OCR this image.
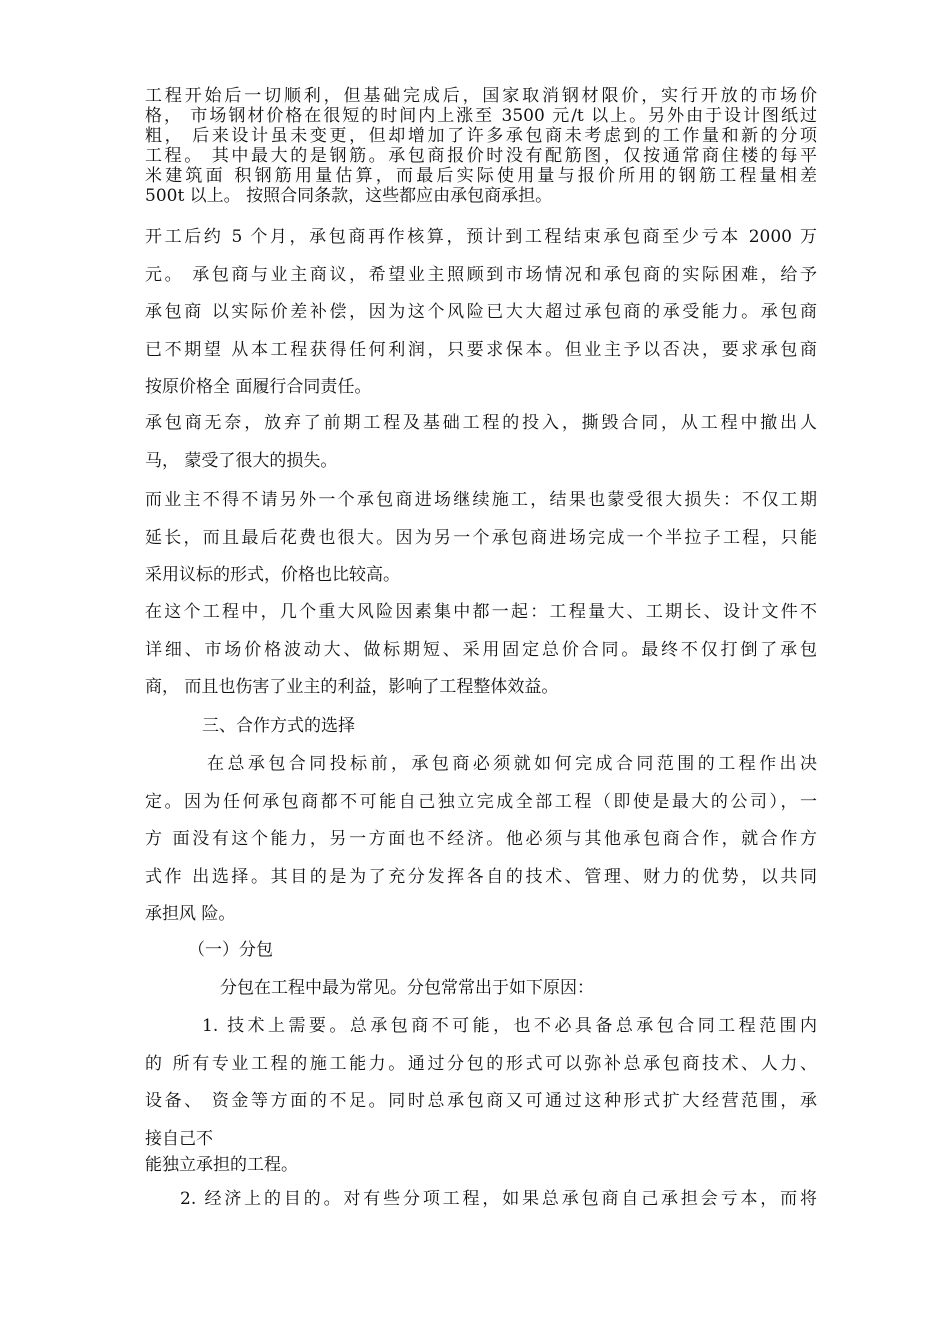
工程开始后一切顺利，但基础完成后，国家取消钢材限价，实行开放的市场价
格， 市场钢材价格在很短的时间内上涨至 3500 元/t 以上。另外由于设计图纸过
粗， 后来设计虽未变更，但却增加了许多承包商未考虑到的工作量和新的分项
工程。 其中最大的是钢筋。承包商报价时没有配筋图，仅按通常商住楼的每平
米建筑面 积钢筋用量估算，而最后实际使用量与报价所用的钢筋工程量相差
500t 以上。 按照合同条款，这些都应由承包商承担。
开工后约 5 个月，承包商再作核算，预计到工程结束承包商至少亏本 2000 万
元。 承包商与业主商议，希望业主照顾到市场情况和承包商的实际困难，给予
承包商 以实际价差补偿，因为这个风险已大大超过承包商的承受能力。承包商
已不期望 从本工程获得任何利润，只要求保本。但业主予以否决，要求承包商
按原价格全 面履行合同责任。
承包商无奈，放弃了前期工程及基础工程的投入，撕毁合同，从工程中撤出人
马， 蒙受了很大的损失。
而业主不得不请另外一个承包商进场继续施工，结果也蒙受很大损失：不仅工期
延长，而且最后花费也很大。因为另一个承包商进场完成一个半拉子工程，只能
采用议标的形式，价格也比较高。
在这个工程中，几个重大风险因素集中都一起：工程量大、工期长、设计文件不
详细、市场价格波动大、做标期短、采用固定总价合同。最终不仅打倒了承包
商， 而且也伤害了业主的利益，影响了工程整体效益。
三、合作方式的选择
在总承包合同投标前，承包商必须就如何完成合同范围的工程作出决
定。因为任何承包商都不可能自己独立完成全部工程（即使是最大的公司），一
方 面没有这个能力，另一方面也不经济。他必须与其他承包商合作，就合作方
式作 出选择。其目的是为了充分发挥各自的技术、管理、财力的优势，以共同
承担风 险。
（一）分包
分包在工程中最为常见。分包常常出于如下原因：
1. 技术上需要。总承包商不可能，也不必具备总承包合同工程范围内
的 所有专业工程的施工能力。通过分包的形式可以弥补总承包商技术、人力、
设备、 资金等方面的不足。同时总承包商又可通过这种形式扩大经营范围，承
接自己不
能独立承担的工程。
2. 经济上的目的。对有些分项工程，如果总承包商自己承担会亏本，而将
